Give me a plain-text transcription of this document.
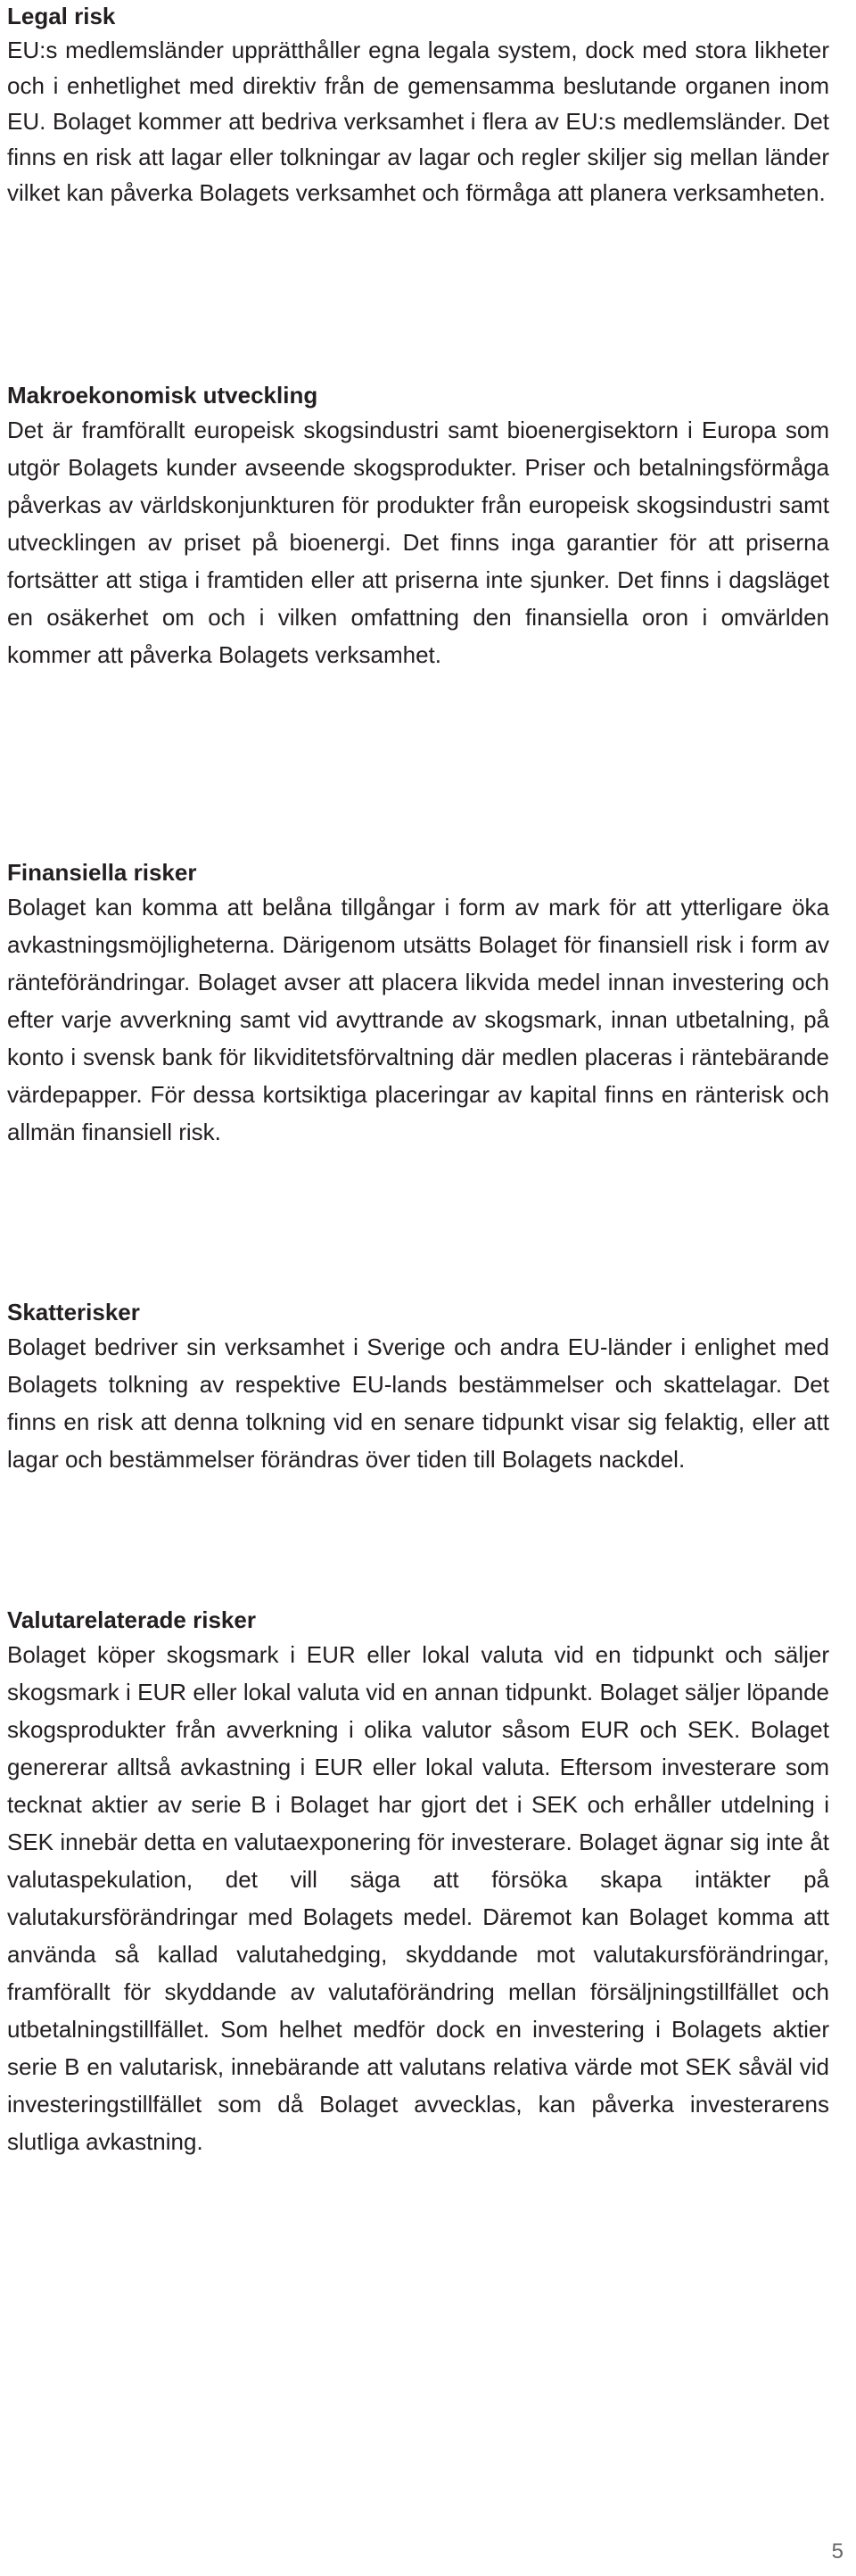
Legal risk

EU:s medlemsländer upprätthåller egna legala system, dock med stora likheter och i enhetlighet med direktiv från de gemensamma beslutande organen inom EU. Bolaget kommer att bedriva verksamhet i flera av EU:s medlemsländer. Det finns en risk att lagar eller tolkningar av lagar och regler skiljer sig mellan länder vilket kan påverka Bolagets verksamhet och förmåga att planera verksamheten.

Makroekonomisk utveckling

Det är framförallt europeisk skogsindustri samt bioenergisektorn i Europa som utgör Bolagets kunder avseende skogsprodukter. Priser och betalningsförmåga påverkas av världskonjunkturen för produkter från europeisk skogsindustri samt utvecklingen av priset på bioenergi. Det finns inga garantier för att priserna fortsätter att stiga i framtiden eller att priserna inte sjunker. Det finns i dagsläget en osäkerhet om och i vilken omfattning den finansiella oron i omvärlden kommer att påverka Bolagets verksamhet.

Finansiella risker

Bolaget kan komma att belåna tillgångar i form av mark för att ytterligare öka avkastningsmöjligheterna. Därigenom utsätts Bolaget för finansiell risk i form av ränteförändringar. Bolaget avser att placera likvida medel innan investering och efter varje avverkning samt vid avyttrande av skogsmark, innan utbetalning, på konto i svensk bank för likviditetsförvaltning där medlen placeras i räntebärande värdepapper. För dessa kortsiktiga placeringar av kapital finns en ränterisk och allmän finansiell risk.

Skatterisker

Bolaget bedriver sin verksamhet i Sverige och andra EU-länder i enlighet med Bolagets tolkning av respektive EU-lands bestämmelser och skattelagar. Det finns en risk att denna tolkning vid en senare tidpunkt visar sig felaktig, eller att lagar och bestämmelser förändras över tiden till Bolagets nackdel.

Valutarelaterade risker

Bolaget köper skogsmark i EUR eller lokal valuta vid en tidpunkt och säljer skogsmark i EUR eller lokal valuta vid en annan tidpunkt. Bolaget säljer löpande skogsprodukter från avverkning i olika valutor såsom EUR och SEK. Bolaget genererar alltså avkastning i EUR eller lokal valuta. Eftersom investerare som tecknat aktier av serie B i Bolaget har gjort det i SEK och erhåller utdelning i SEK innebär detta en valutaexponering för investerare. Bolaget ägnar sig inte åt valutaspekulation, det vill säga att försöka skapa intäkter på valutakursförändringar med Bolagets medel. Däremot kan Bolaget komma att använda så kallad valutahedging, skyddande mot valutakursförändringar, framförallt för skyddande av valutaförändring mellan försäljningstillfället och utbetalningstillfället. Som helhet medför dock en investering i Bolagets aktier serie B en valutarisk, innebärande att valutans relativa värde mot SEK såväl vid investeringstillfället som då Bolaget avvecklas, kan påverka investerarens slutliga avkastning.

5
